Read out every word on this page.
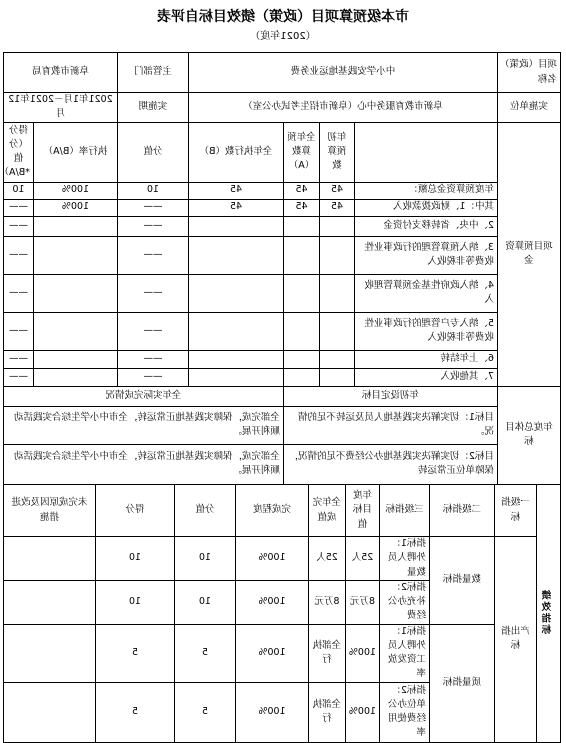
市本级预算项目（政策）绩效目标自评表
（2021年度）
项目（政策）名称	中小学安践基地运业务费				主管部门	阜新市教育局	
实施单位	阜新市教育服务中心（阜新市招生考试办公室）				实施期	2021年1月－2021年12月	
项目预算资金		年初预算数	全年预算数（A）	全年执行数（B）	分值	执行率（B/A）	得分（分值*B/A）
	年度预算资金总额：	45	45	45	10	100%	10
	其中：1、财政拨款收入	45	45	45	——	100%	——
	2、中央、省转移支付资金				——		——
	3、纳入预算管理的行政事业性收费等非税收入				——		——
	4、纳入政府性基金预算管理收入				——		——
	5、纳入专户管理的行政事业性收费等非税收入				——		——
	6、上年结转				——		——
	7、其他收入				——		——
年度总体目标	年初设定目标			全年实际完成情况			
	目标1：切实解决实践基地人员及运转不足的情况。			全部完成，保障实践基地正常运转，全市中小学生综合实践活动顺利开展。			
	目标2：切实解决实践基地办公经费不足的情况，保障单位正常运转			全部完成，保障实践基地正常运转，全市中小学生综合实践活动顺利开展。			
绩效指标	一级指标	二级指标	三级指标	年度目标值	全年完成值	完成程度	分值	得分	未完成原因及改进措施
	产出指标	数量指标	指标1：外聘人员数量	25人	25人	100%	10	10	
			指标2：补充办公经费	8万元	8万元	100%	10	10	
		质量指标	指标1：外聘人员工资发放率	100%	全部执行	100%	5	5	
			指标2：单位办公经费使用率	100%	全部执行	100%	5	5	
